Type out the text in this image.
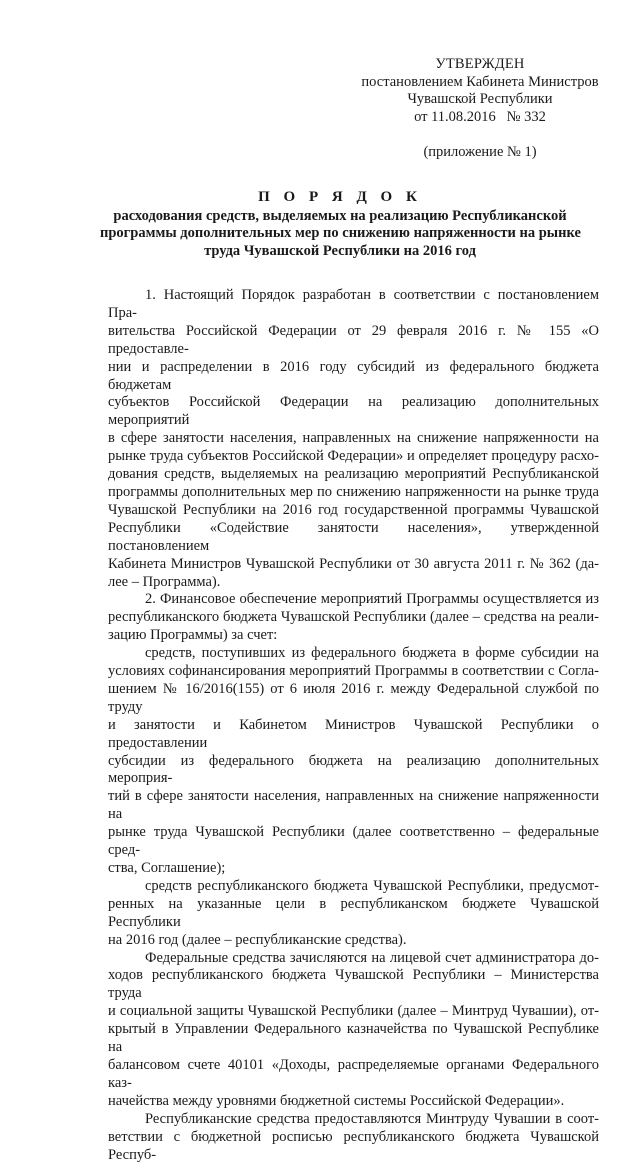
УТВЕРЖДЕН
постановлением Кабинета Министров
Чувашской Республики
от 11.08.2016   № 332
(приложение № 1)
П О Р Я Д О К
расходования средств, выделяемых на реализацию Республиканской
программы дополнительных мер по снижению напряженности на рынке
труда Чувашской Республики на 2016 год

1. Настоящий Порядок разработан в соответствии с постановлением Пра-
вительства Российской Федерации от 29 февраля 2016 г. № 155 «О предоставле-
нии и распределении в 2016 году субсидий из федерального бюджета бюджетам
субъектов Российской Федерации на реализацию дополнительных мероприятий
в сфере занятости населения, направленных на снижение напряженности на
рынке труда субъектов Российской Федерации» и определяет процедуру расхо-
дования средств, выделяемых на реализацию мероприятий Республиканской
программы дополнительных мер по снижению напряженности на рынке труда
Чувашской Республики на 2016 год государственной программы Чувашской
Республики «Содействие занятости населения», утвержденной постановлением
Кабинета Министров Чувашской Республики от 30 августа 2011 г. № 362 (да-
лее – Программа).

2. Финансовое обеспечение мероприятий Программы осуществляется из
республиканского бюджета Чувашской Республики (далее – средства на реали-
зацию Программы) за счет:

средств, поступивших из федерального бюджета в форме субсидии на
условиях софинансирования мероприятий Программы в соответствии с Согла-
шением № 16/2016(155) от 6 июля 2016 г. между Федеральной службой по труду
и занятости и Кабинетом Министров Чувашской Республики о предоставлении
субсидии из федерального бюджета на реализацию дополнительных мероприя-
тий в сфере занятости населения, направленных на снижение напряженности на
рынке труда Чувашской Республики (далее соответственно – федеральные сред-
ства, Соглашение);

средств республиканского бюджета Чувашской Республики, предусмот-
ренных на указанные цели в республиканском бюджете Чувашской Республики
на 2016 год (далее – республиканские средства).

Федеральные средства зачисляются на лицевой счет администратора до-
ходов республиканского бюджета Чувашской Республики – Министерства труда
и социальной защиты Чувашской Республики (далее – Минтруд Чувашии), от-
крытый в Управлении Федерального казначейства по Чувашской Республике на
балансовом счете 40101 «Доходы, распределяемые органами Федерального каз-
начейства между уровнями бюджетной системы Российской Федерации».

Республиканские средства предоставляются Минтруду Чувашии в соот-
ветствии с бюджетной росписью республиканского бюджета Чувашской Респуб-
